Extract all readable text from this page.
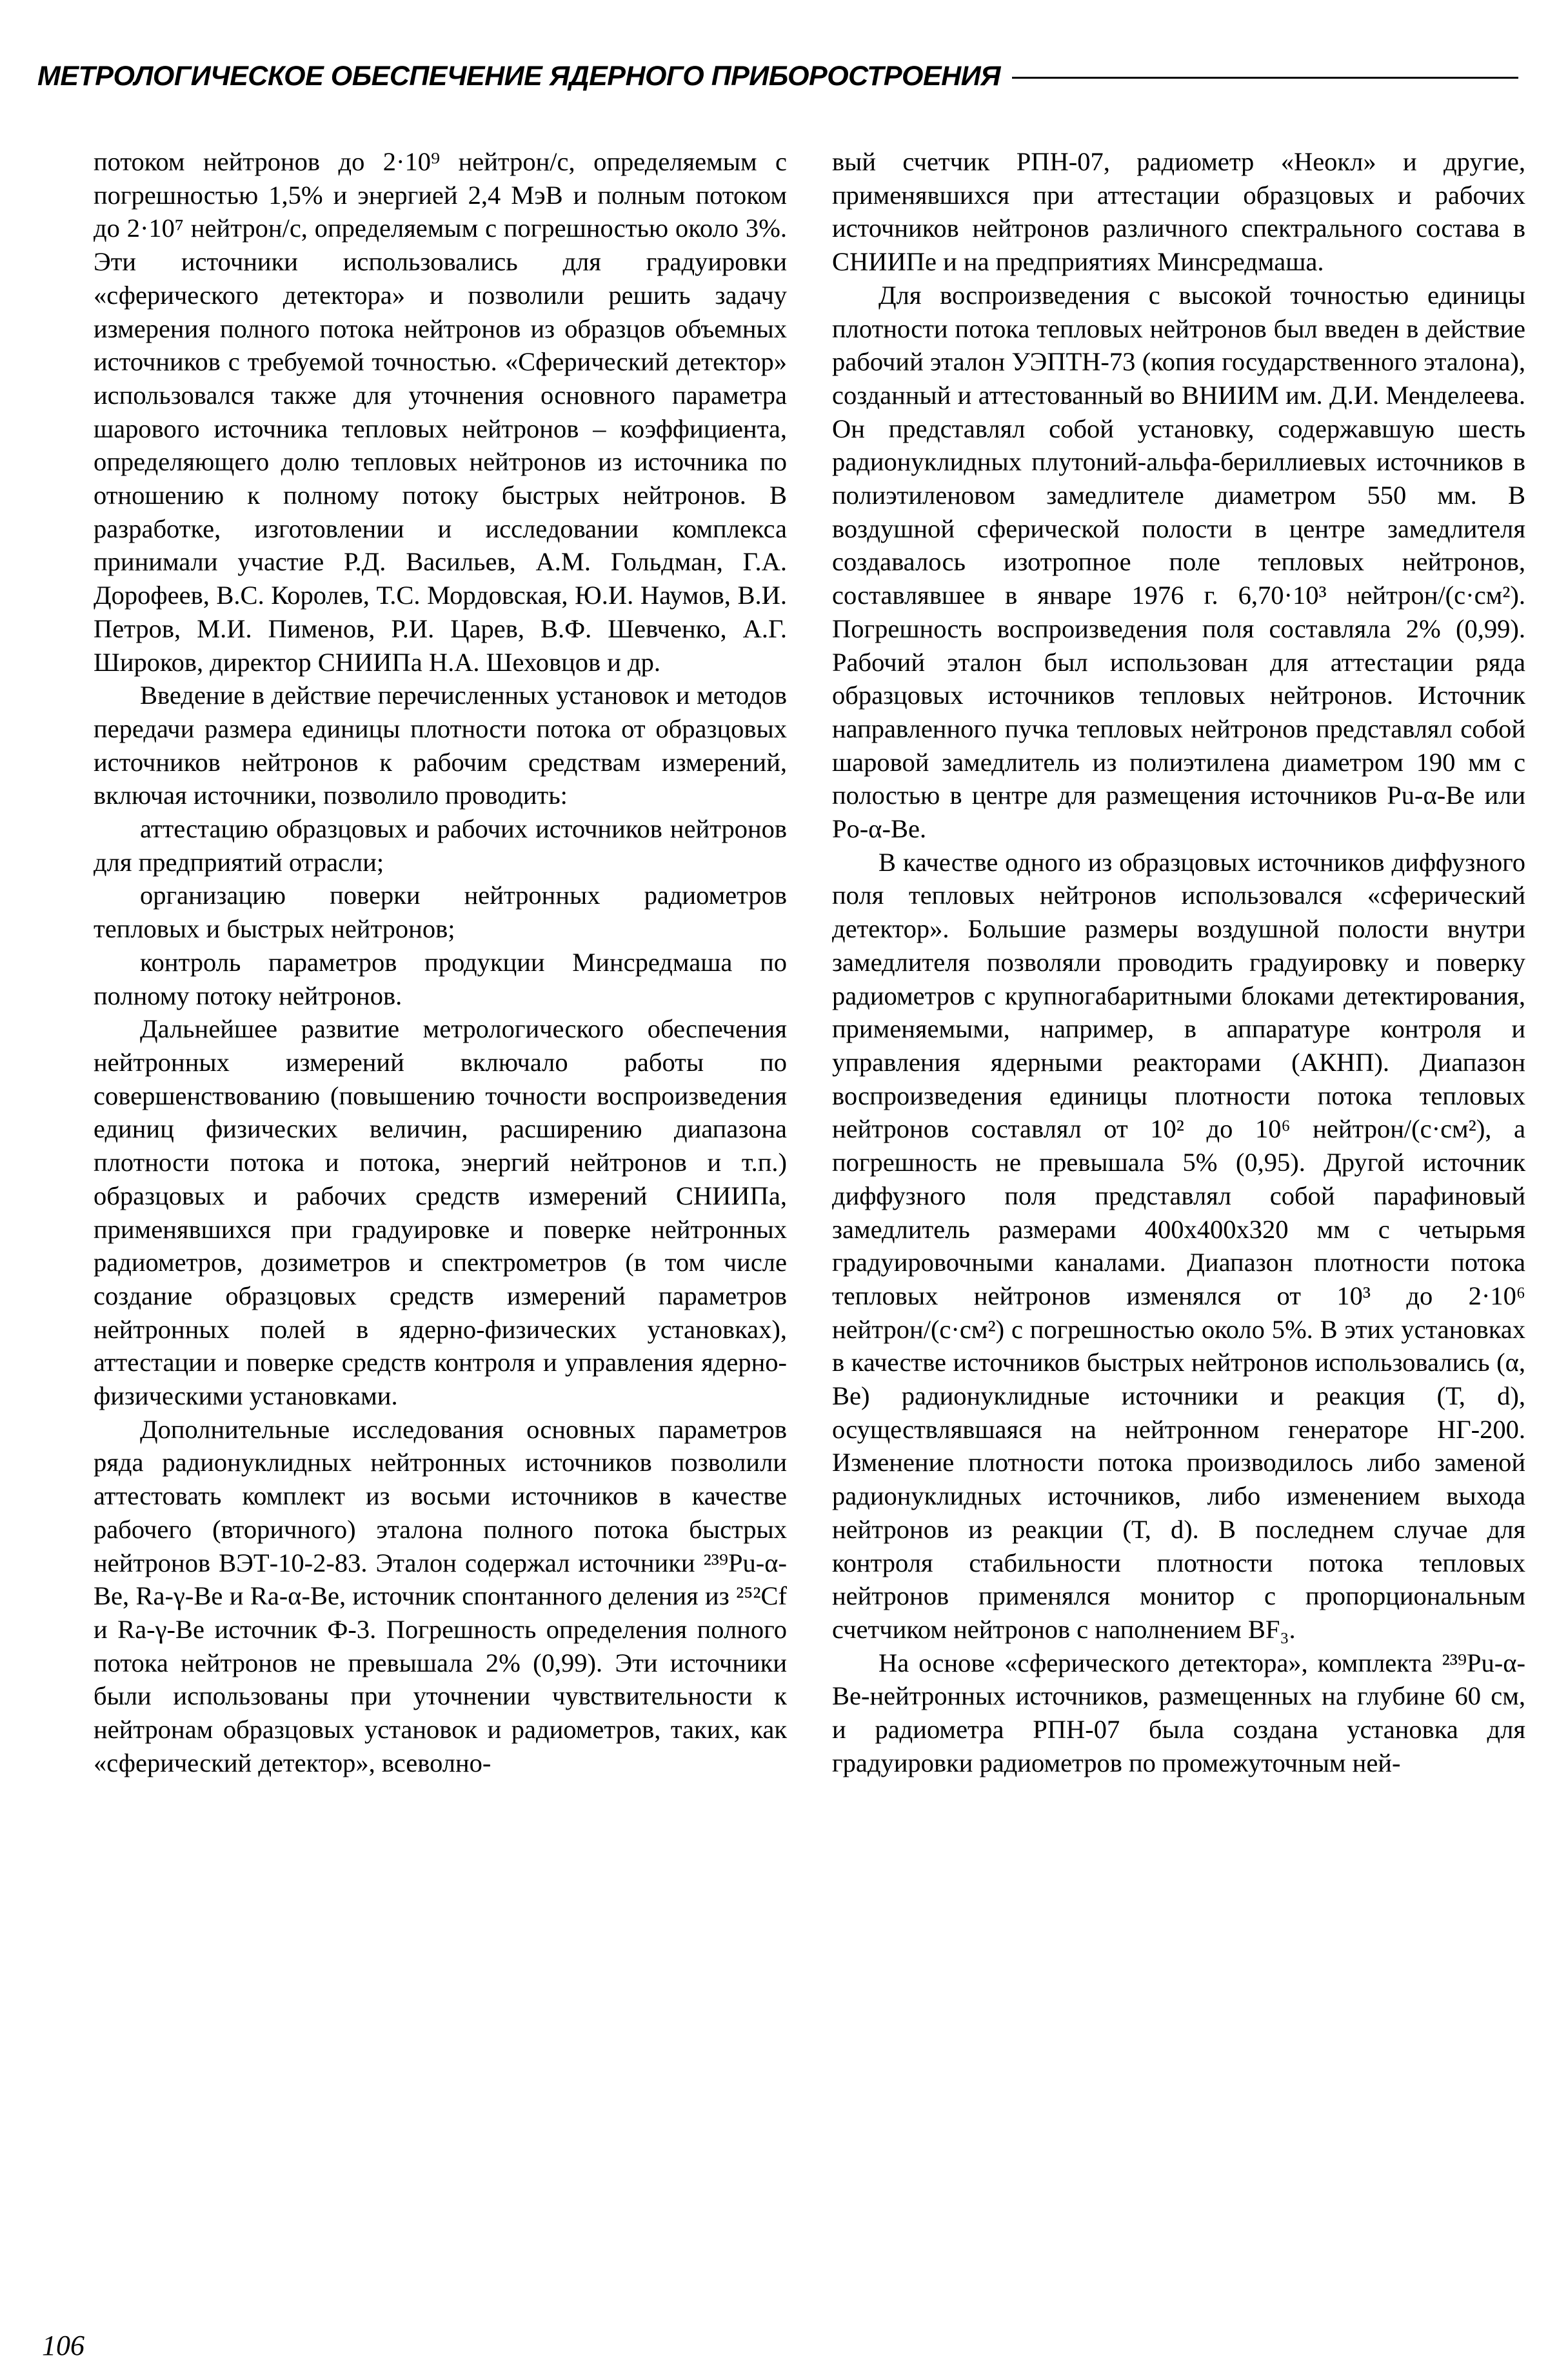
МЕТРОЛОГИЧЕСКОЕ ОБЕСПЕЧЕНИЕ ЯДЕРНОГО ПРИБОРОСТРОЕНИЯ

потоком нейтронов до 2·10⁹ нейтрон/с, определяемым с погрешностью 1,5% и энергией 2,4 МэВ и полным потоком до 2·10⁷ нейтрон/с, определяемым с погрешностью около 3%. Эти источники использовались для градуировки «сферического детектора» и позволили решить задачу измерения полного потока нейтронов из образцов объемных источников с требуемой точностью. «Сферический детектор» использовался также для уточнения основного параметра шарового источника тепловых нейтронов – коэффициента, определяющего долю тепловых нейтронов из источника по отношению к полному потоку быстрых нейтронов. В разработке, изготовлении и исследовании комплекса принимали участие Р.Д. Васильев, А.М. Гольдман, Г.А. Дорофеев, В.С. Королев, Т.С. Мордовская, Ю.И. Наумов, В.И. Петров, М.И. Пименов, Р.И. Царев, В.Ф. Шевченко, А.Г. Широков, директор СНИИПа Н.А. Шеховцов и др.

Введение в действие перечисленных установок и методов передачи размера единицы плотности потока от образцовых источников нейтронов к рабочим средствам измерений, включая источники, позволило проводить:

аттестацию образцовых и рабочих источников нейтронов для предприятий отрасли;

организацию поверки нейтронных радиометров тепловых и быстрых нейтронов;

контроль параметров продукции Минсредмаша по полному потоку нейтронов.

Дальнейшее развитие метрологического обеспечения нейтронных измерений включало работы по совершенствованию (повышению точности воспроизведения единиц физических величин, расширению диапазона плотности потока и потока, энергий нейтронов и т.п.) образцовых и рабочих средств измерений СНИИПа, применявшихся при градуировке и поверке нейтронных радиометров, дозиметров и спектрометров (в том числе создание образцовых средств измерений параметров нейтронных полей в ядерно-физических установках), аттестации и поверке средств контроля и управления ядерно-физическими установками.

Дополнительные исследования основных параметров ряда радионуклидных нейтронных источников позволили аттестовать комплект из восьми источников в качестве рабочего (вторичного) эталона полного потока быстрых нейтронов ВЭТ-10-2-83. Эталон содержал источники ²³⁹Pu-α-Be, Ra-γ-Be и Ra-α-Be, источник спонтанного деления из ²⁵²Cf и Ra-γ-Be источник Ф-3. Погрешность определения полного потока нейтронов не превышала 2% (0,99). Эти источники были использованы при уточнении чувствительности к нейтронам образцовых установок и радиометров, таких, как «сферический детектор», всеволно-

вый счетчик РПН-07, радиометр «Неокл» и другие, применявшихся при аттестации образцовых и рабочих источников нейтронов различного спектрального состава в СНИИПе и на предприятиях Минсредмаша.

Для воспроизведения с высокой точностью единицы плотности потока тепловых нейтронов был введен в действие рабочий эталон УЭПТН-73 (копия государственного эталона), созданный и аттестованный во ВНИИМ им. Д.И. Менделеева. Он представлял собой установку, содержавшую шесть радионуклидных плутоний-альфа-бериллиевых источников в полиэтиленовом замедлителе диаметром 550 мм. В воздушной сферической полости в центре замедлителя создавалось изотропное поле тепловых нейтронов, составлявшее в январе 1976 г. 6,70·10³ нейтрон/(с·см²). Погрешность воспроизведения поля составляла 2% (0,99). Рабочий эталон был использован для аттестации ряда образцовых источников тепловых нейтронов. Источник направленного пучка тепловых нейтронов представлял собой шаровой замедлитель из полиэтилена диаметром 190 мм с полостью в центре для размещения источников Pu-α-Be или Po-α-Be.

В качестве одного из образцовых источников диффузного поля тепловых нейтронов использовался «сферический детектор». Большие размеры воздушной полости внутри замедлителя позволяли проводить градуировку и поверку радиометров с крупногабаритными блоками детектирования, применяемыми, например, в аппаратуре контроля и управления ядерными реакторами (АКНП). Диапазон воспроизведения единицы плотности потока тепловых нейтронов составлял от 10² до 10⁶ нейтрон/(с·см²), а погрешность не превышала 5% (0,95). Другой источник диффузного поля представлял собой парафиновый замедлитель размерами 400х400х320 мм с четырьмя градуировочными каналами. Диапазон плотности потока тепловых нейтронов изменялся от 10³ до 2·10⁶ нейтрон/(с·см²) с погрешностью около 5%. В этих установках в качестве источников быстрых нейтронов использовались (α, Be) радионуклидные источники и реакция (Т, d), осуществлявшаяся на нейтронном генераторе НГ-200. Изменение плотности потока производилось либо заменой радионуклидных источников, либо изменением выхода нейтронов из реакции (Т, d). В последнем случае для контроля стабильности плотности потока тепловых нейтронов применялся монитор с пропорциональным счетчиком нейтронов с наполнением BF₃.

На основе «сферического детектора», комплекта ²³⁹Pu-α-Be-нейтронных источников, размещенных на глубине 60 см, и радиометра РПН-07 была создана установка для градуировки радиометров по промежуточным ней-

106
